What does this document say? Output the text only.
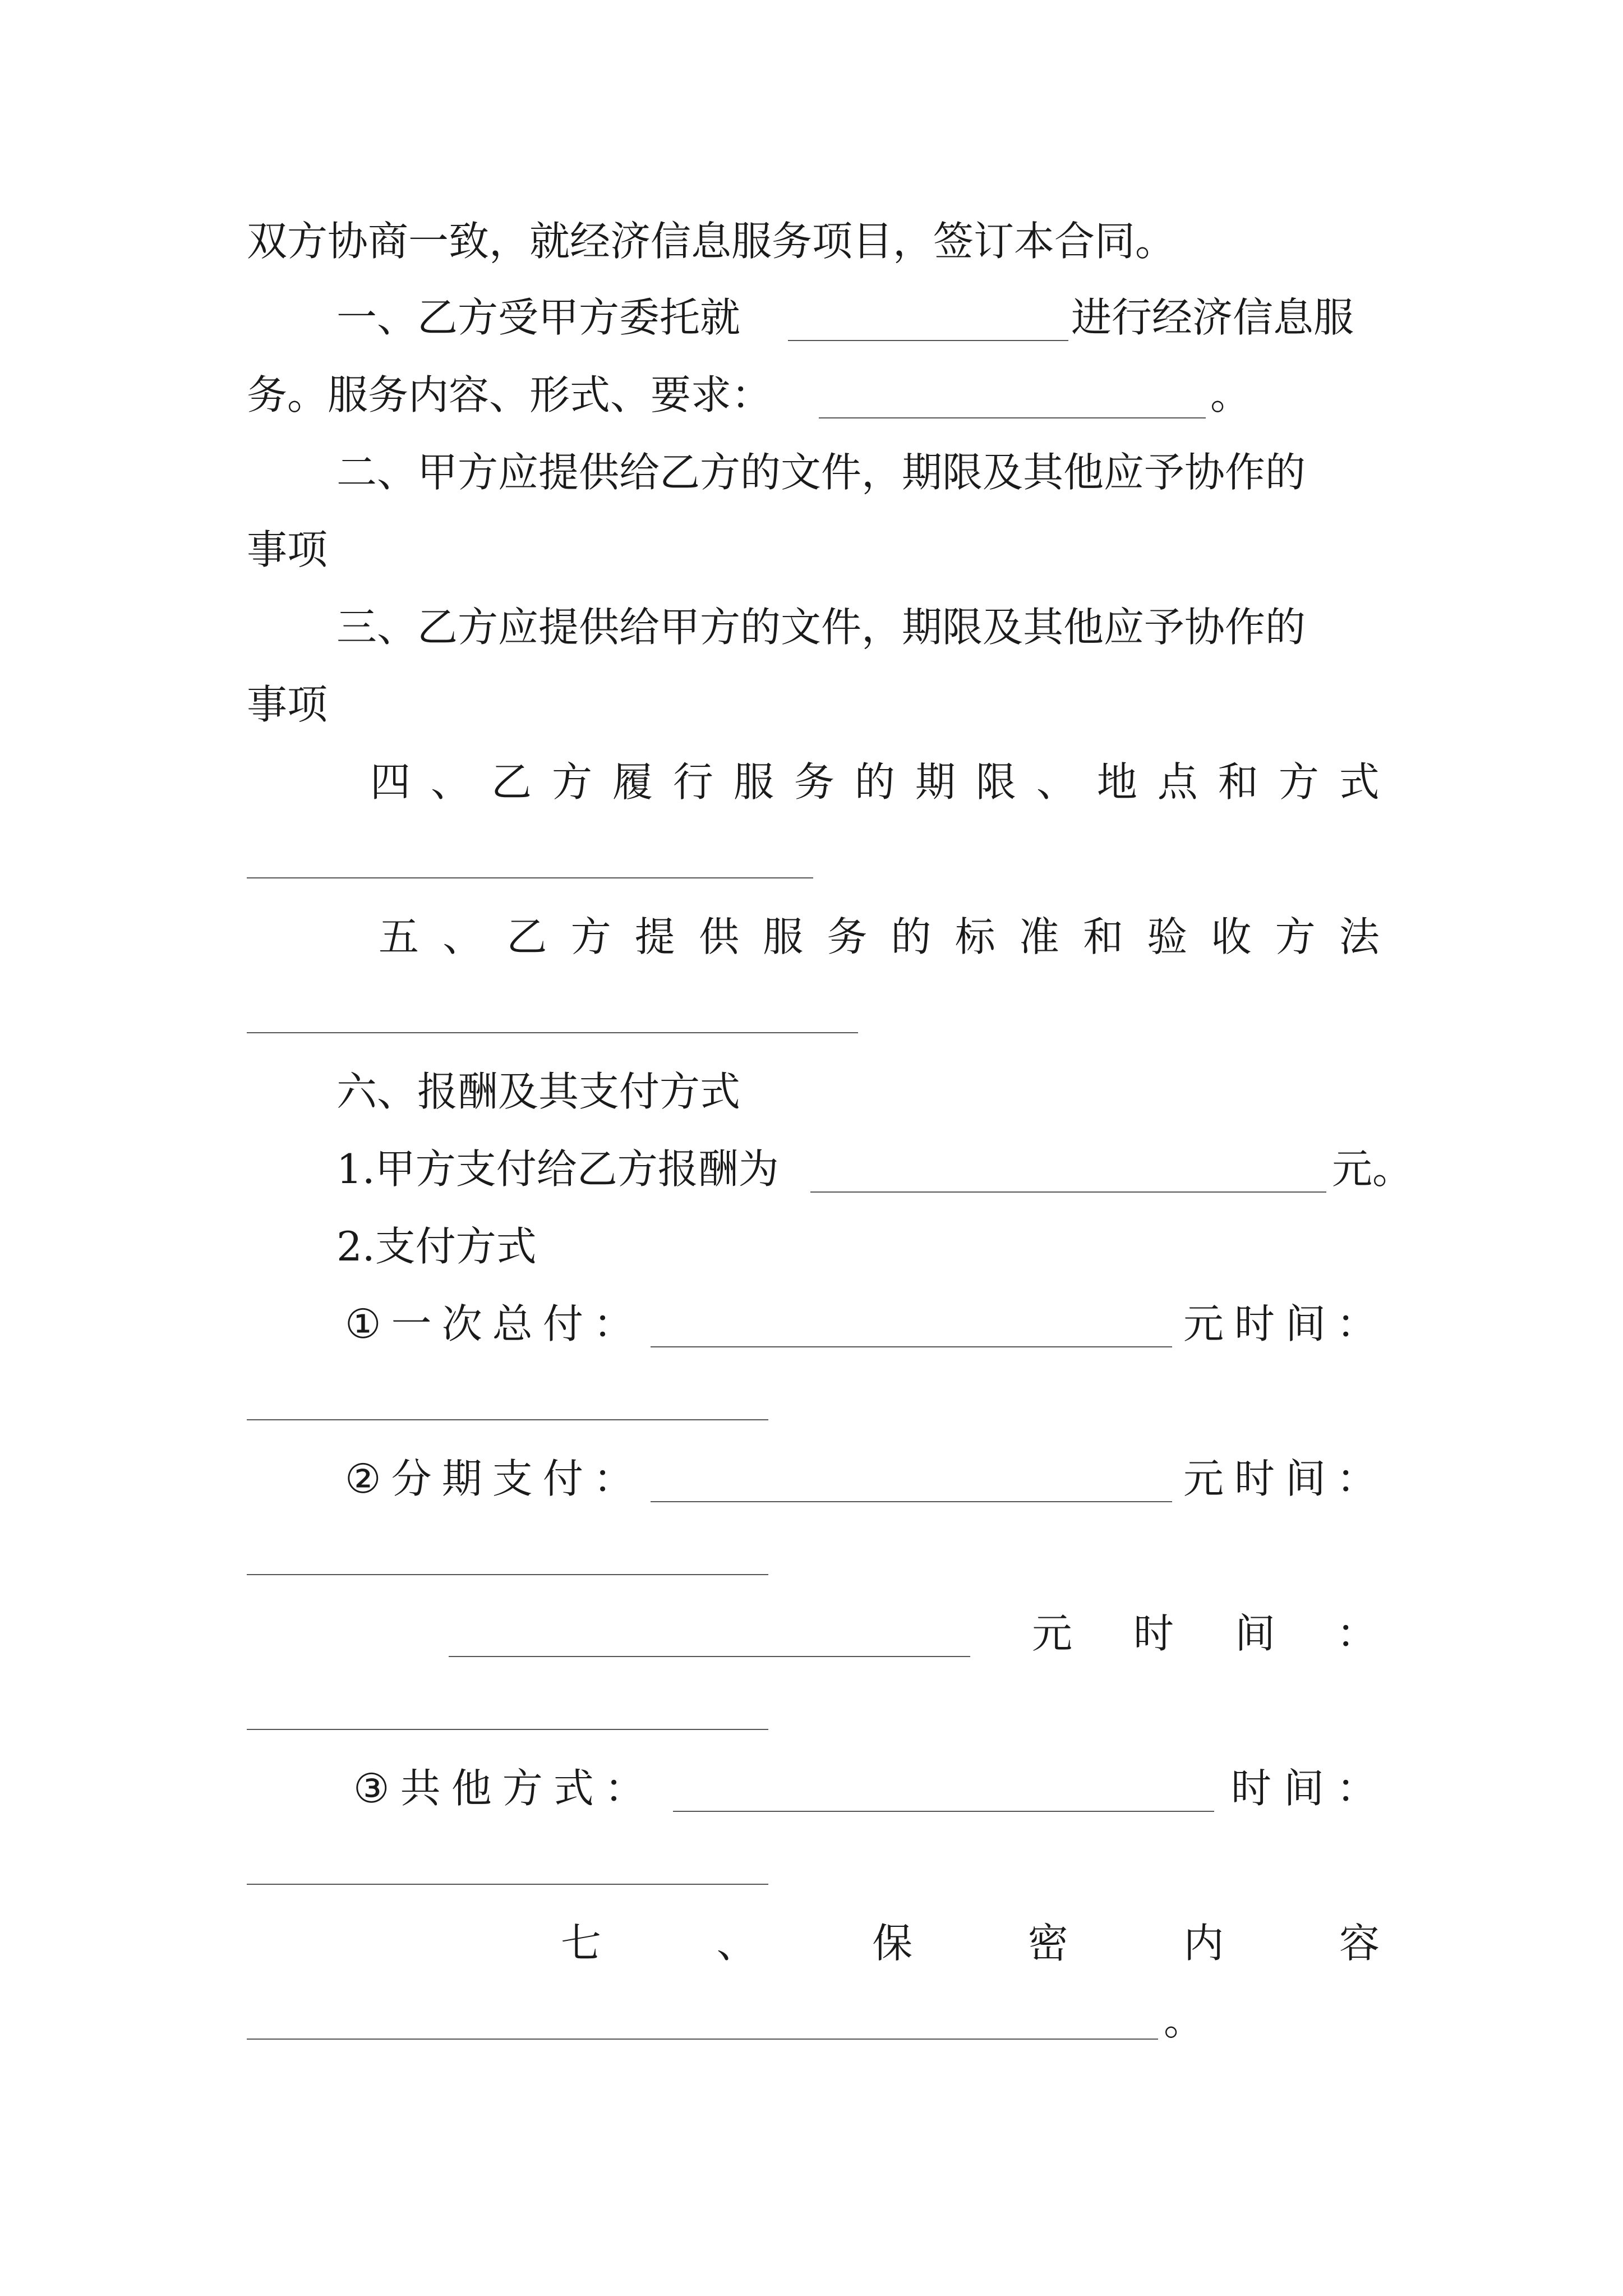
双方协商一致，就经济信息服务项目，签订本合同。
一、乙方受甲方委托就	进行经济信息服
务。服务内容、形式、要求：	。
二、甲方应提供给乙方的文件，期限及其他应予协作的
事项
三、乙方应提供给甲方的文件，期限及其他应予协作的
事项
四 、 乙 方 履 行 服 务 的 期 限 、 地 点 和 方 式
五 、 乙 方 提 供 服 务 的 标 准 和 验 收 方 法
六、报酬及其支付方式
1.甲方支付给乙方报酬为	元。
2.支付方式
① 一 次 总 付 ：	元 时 间 ：
② 分 期 支 付 ：	元 时 间 ：
元 时 间 ：
③ 共 他 方 式 ：	时 间 ：
七	、	保	密	内	容
。
